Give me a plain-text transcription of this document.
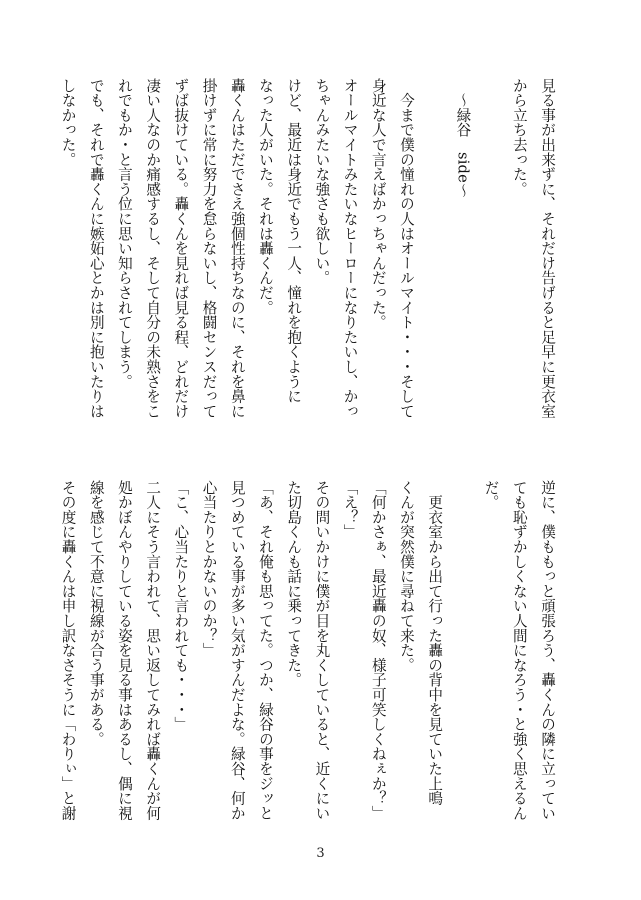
見る事が出来ずに、それだけ告げると足早に更衣室
から立ち去った。
　〜緑谷　side〜
　今まで僕の憧れの人はオールマイト・・・そして
身近な人で言えばかっちゃんだった。
オールマイトみたいなヒーローになりたいし、かっ
ちゃんみたいな強さも欲しい。
けど、最近は身近でもう一人、憧れを抱くように
なった人がいた。それは轟くんだ。
轟くんはただでさえ強個性持ちなのに、それを鼻に
掛けずに常に努力を怠らないし、格闘センスだって
ずば抜けている。轟くんを見れば見る程、どれだけ
凄い人なのか痛感するし、そして自分の未熟さをこ
れでもか・と言う位に思い知らされてしまう。
でも、それで轟くんに嫉妬心とかは別に抱いたりは
しなかった。
逆に、僕ももっと頑張ろう、轟くんの隣に立ってい
ても恥ずかしくない人間になろう・と強く思えるん
だ。
　更衣室から出て行った轟の背中を見ていた上鳴
くんが突然僕に尋ねて来た。
「何かさぁ、最近轟の奴、様子可笑しくねぇか？」
「え？」
その問いかけに僕が目を丸くしていると、近くにい
た切島くんも話に乗ってきた。
「あ、それ俺も思ってた。つか、緑谷の事をジッと
見つめている事が多い気がすんだよな。緑谷、何か
心当たりとかないのか？」
「こ、心当たりと言われても・・・」
二人にそう言われて、思い返してみれば轟くんが何
処かぼんやりしている姿を見る事はあるし、偶に視
線を感じて不意に視線が合う事がある。
その度に轟くんは申し訳なさそうに「わりぃ」と謝
3
